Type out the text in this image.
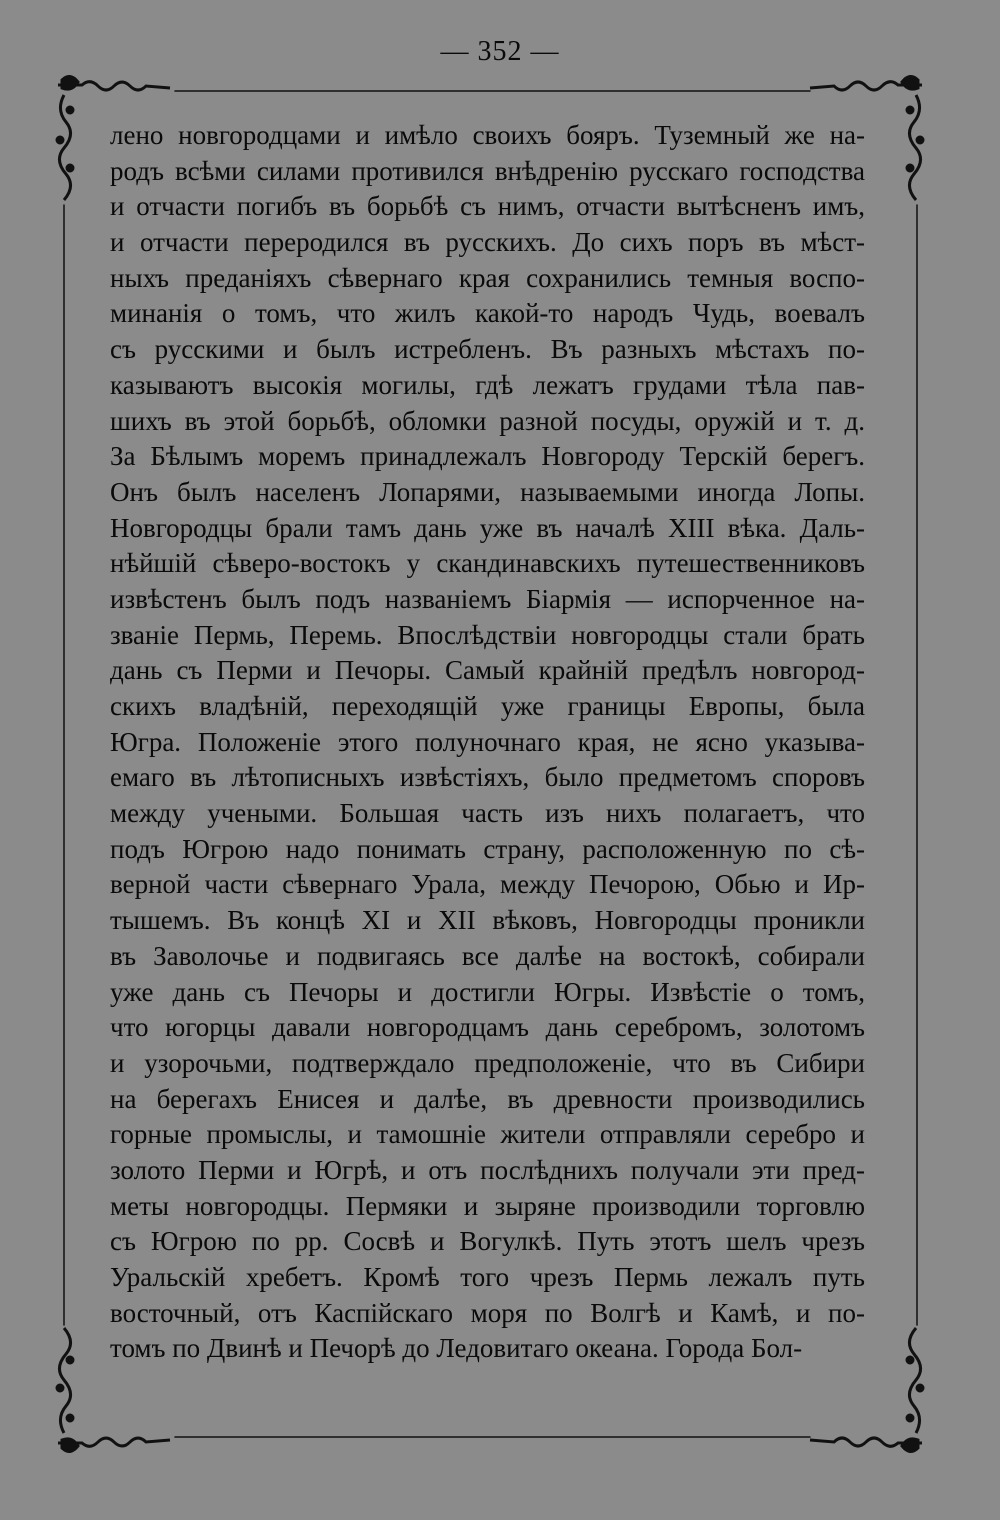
— 352 —
лено новгородцами и имѣло своихъ бояръ. Туземный же на-
родъ всѣми силами противился внѣдренію русскаго господства
и отчасти погибъ въ борьбѣ съ нимъ, отчасти вытѣсненъ имъ,
и отчасти переродился въ русскихъ. До сихъ поръ въ мѣст-
ныхъ преданіяхъ сѣвернаго края сохранились темныя воспо-
минанія о томъ, что жилъ какой-то народъ Чудь, воевалъ
съ русскими и былъ истребленъ. Въ разныхъ мѣстахъ по-
казываютъ высокія могилы, гдѣ лежатъ грудами тѣла пав-
шихъ въ этой борьбѣ, обломки разной посуды, оружій и т. д.
За Бѣлымъ моремъ принадлежалъ Новгороду Терскій берегъ.
Онъ былъ населенъ Лопарями, называемыми иногда Лопы.
Новгородцы брали тамъ дань уже въ началѣ XIII вѣка. Даль-
нѣйшій сѣверо-востокъ у скандинавскихъ путешественниковъ
извѣстенъ былъ подъ названіемъ Біармія — испорченное на-
званіе Пермь, Перемь. Впослѣдствіи новгородцы стали брать
дань съ Перми и Печоры. Самый крайній предѣлъ новгород-
скихъ владѣній, переходящій уже границы Европы, была
Югра. Положеніе этого полуночнаго края, не ясно указыва-
емаго въ лѣтописныхъ извѣстіяхъ, было предметомъ споровъ
между учеными. Большая часть изъ нихъ полагаетъ, что
подъ Югрою надо понимать страну, расположенную по сѣ-
верной части сѣвернаго Урала, между Печорою, Обью и Ир-
тышемъ. Въ концѣ XI и XII вѣковъ, Новгородцы проникли
въ Заволочье и подвигаясь все далѣе на востокѣ, собирали
уже дань съ Печоры и достигли Югры. Извѣстіе о томъ,
что югорцы давали новгородцамъ дань серебромъ, золотомъ
и узорочьми, подтверждало предположеніе, что въ Сибири
на берегахъ Енисея и далѣе, въ древности производились
горные промыслы, и тамошніе жители отправляли серебро и
золото Перми и Югрѣ, и отъ послѣднихъ получали эти пред-
меты новгородцы. Пермяки и зыряне производили торговлю
съ Югрою по рр. Сосвѣ и Вогулкѣ. Путь этотъ шелъ чрезъ
Уральскій хребетъ. Кромѣ того чрезъ Пермь лежалъ путь
восточный, отъ Каспійскаго моря по Волгѣ и Камѣ, и по-
томъ по Двинѣ и Печорѣ до Ледовитаго океана. Города Бол-
